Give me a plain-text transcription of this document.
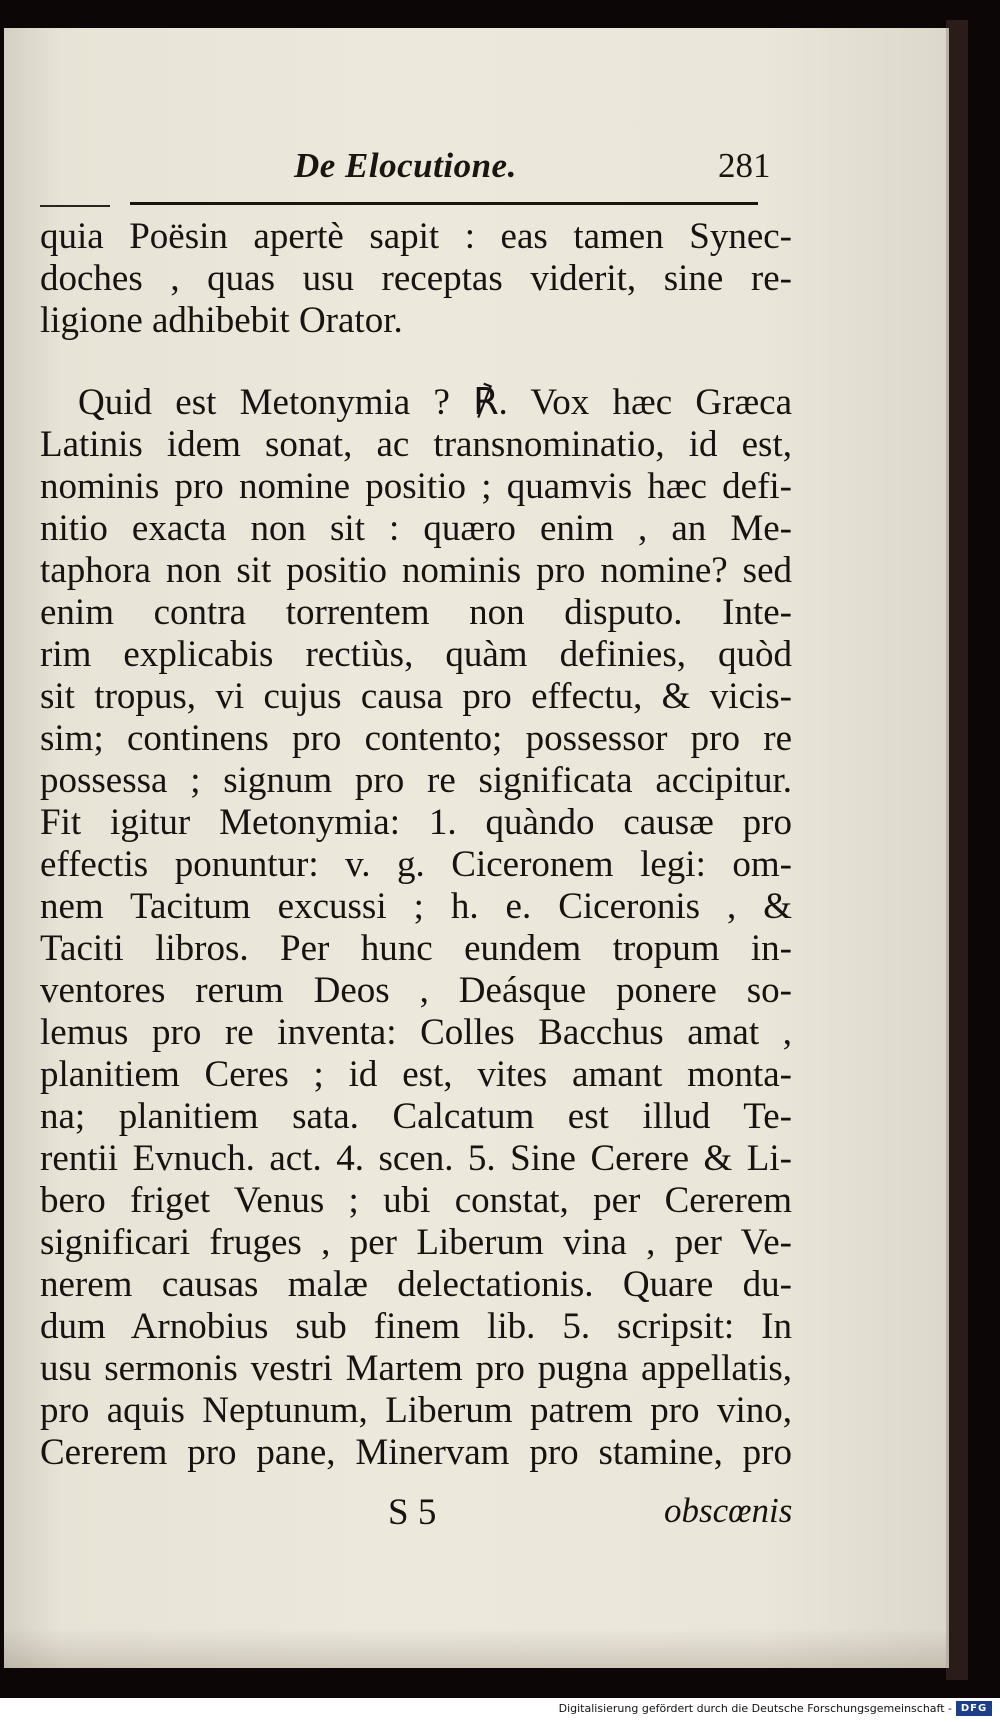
De Elocutione.	281

quia Poësin apertè sapit : eas tamen Synec-

doches , quas usu receptas viderit, sine re-

ligione adhibebit Orator.

Quid est Metonymia ? ℟. Vox hæc Græca

Latinis idem sonat, ac transnominatio, id est,

nominis pro nomine positio ; quamvis hæc defi-

nitio exacta non sit : quæro enim , an Me-

taphora non sit positio nominis pro nomine? sed

enim contra torrentem non disputo. Inte-

rim explicabis rectiùs, quàm definies, quòd

sit tropus, vi cujus causa pro effectu, & vicis-

sim; continens pro contento; possessor pro re

possessa ; signum pro re significata accipitur.

Fit igitur Metonymia: 1. quàndo causæ pro

effectis ponuntur: v. g. Ciceronem legi: om-

nem Tacitum excussi ; h. e. Ciceronis , &

Taciti libros. Per hunc eundem tropum in-

ventores rerum Deos , Deásque ponere so-

lemus pro re inventa: Colles Bacchus amat ,

planitiem Ceres ; id est, vites amant monta-

na; planitiem sata. Calcatum est illud Te-

rentii Evnuch. act. 4. scen. 5. Sine Cerere & Li-

bero friget Venus ; ubi constat, per Cererem

significari fruges , per Liberum vina , per Ve-

nerem causas malæ delectationis. Quare du-

dum Arnobius sub finem lib. 5. scripsit: In

usu sermonis vestri Martem pro pugna appellatis,

pro aquis Neptunum, Liberum patrem pro vino,

Cererem pro pane, Minervam pro stamine, pro

S 5	obscœnis
Digitalisierung gefördert durch die Deutsche Forschungsgemeinschaft - DFG
